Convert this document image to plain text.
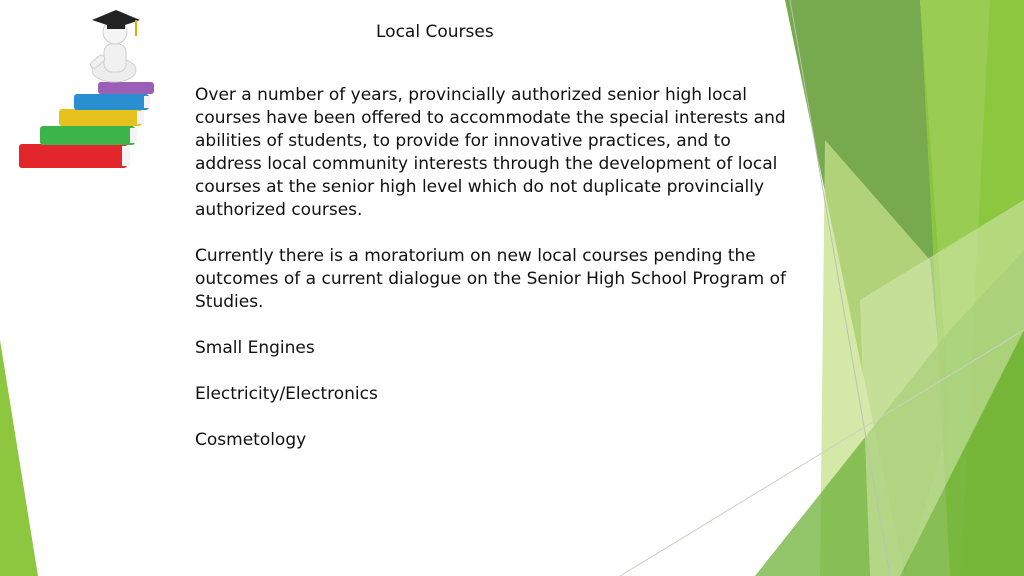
Local Courses

Over a number of years, provincially authorized senior high local courses have been offered to accommodate the special interests and abilities of students, to provide for innovative practices, and to address local community interests through the development of local courses at the senior high level which do not duplicate provincially authorized courses.

Currently there is a moratorium on new local courses pending the outcomes of a current dialogue on the Senior High School Program of Studies.

Small Engines

Electricity/Electronics

Cosmetology
